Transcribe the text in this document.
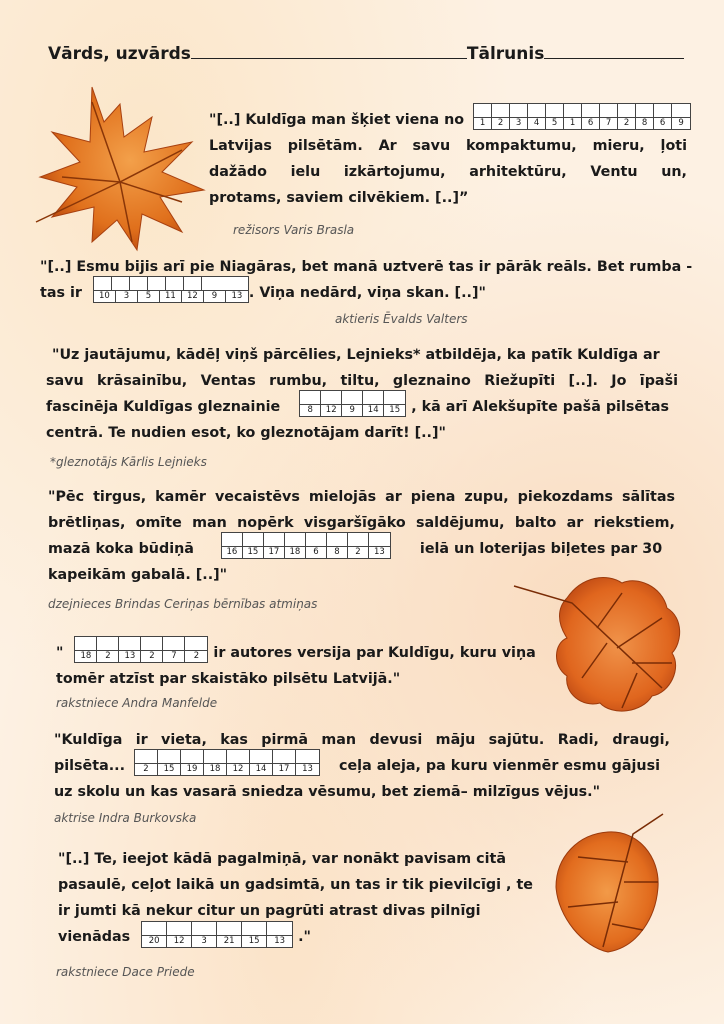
Vārds, uzvārds	Tālrunis
"[..] Kuldīga man šķiet viena no	1	2	3	4	5	1	6	7	2	8	6	9
Latvijas pilsētām. Ar savu kompaktumu, mieru, ļoti
dažādo ielu izkārtojumu, arhitektūru, Ventu un,
protams, saviem cilvēkiem. [..]”
režisors Varis Brasla
"[..] Esmu bijis arī pie Niagāras, bet manā uztverē tas ir pārāk reāls. Bet rumba -
tas ir	10	3	5	11	12	9	13 . Viņa nedārd, viņa skan. [..]"
aktieris Ēvalds Valters
"Uz jautājumu, kādēļ viņš pārcēlies, Lejnieks* atbildēja, ka patīk Kuldīga ar
savu krāsainību, Ventas rumbu, tiltu, gleznaino Riežupīti [..]. Jo īpaši
fascinēja Kuldīgas gleznainie	8	12	9	14	15 , kā arī Alekšupīte pašā pilsētas
centrā. Te nudien esot, ko gleznotājam darīt! [..]"
*gleznotājs Kārlis Lejnieks
"Pēc tirgus, kamēr vecaistēvs mielojās ar piena zupu, piekozdams sālītas
brētliņas, omīte man nopērk visgaršīgāko saldējumu, balto ar riekstiem,
mazā koka būdiņā	16	15	17	18	6	8	2	13	ielā un loterijas biļetes par 30
kapeikām gabalā. [..]"
dzejnieces Brindas Ceriņas bērnības atmiņas
"	18	2	13	2	7	2 ir autores versija par Kuldīgu, kuru viņa
tomēr atzīst par skaistāko pilsētu Latvijā."
rakstniece Andra Manfelde
"Kuldīga ir vieta, kas pirmā man devusi māju sajūtu. Radi, draugi,
pilsēta...	2	15	19	18	12	14	17	13	ceļa aleja, pa kuru vienmēr esmu gājusi
uz skolu un kas vasarā sniedza vēsumu, bet ziemā– milzīgus vējus."
aktrise Indra Burkovska
"[..] Te, ieejot kādā pagalmiņā, var nonākt pavisam citā
pasaulē, ceļot laikā un gadsimtā, un tas ir tik pievilcīgi , te
ir jumti kā nekur citur un pagrūti atrast divas pilnīgi
vienādas	20	12	3	21	15	13 ."
rakstniece Dace Priede
